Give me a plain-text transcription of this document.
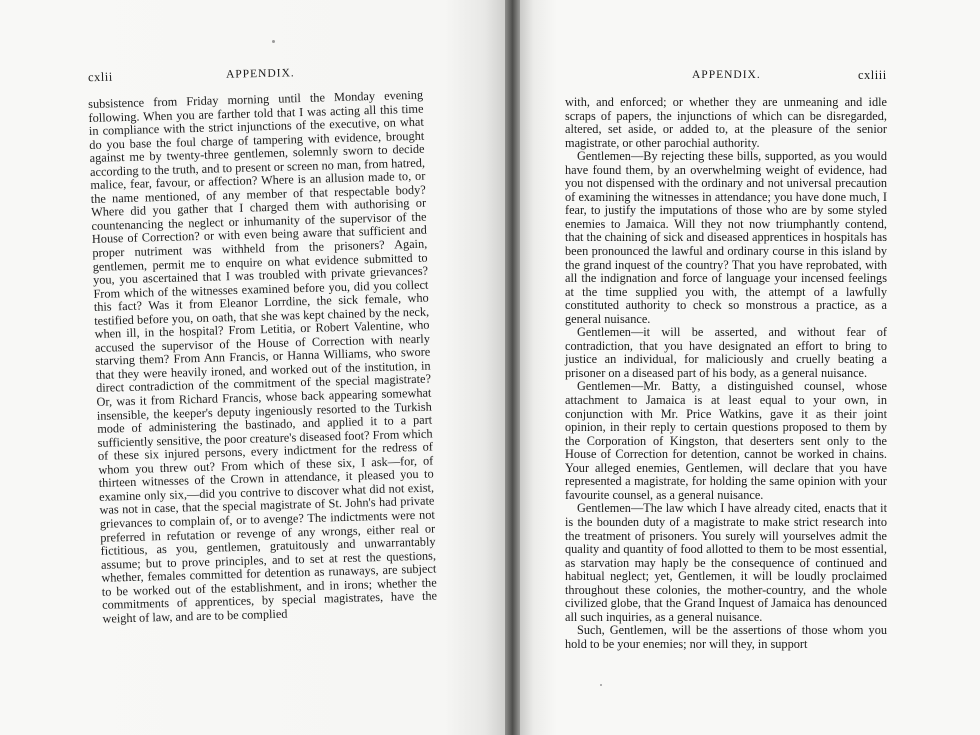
cxlii	APPENDIX.	APPENDIX.	cxliii

subsistence from Friday morning until the Monday evening following. When you are farther told that I was acting all this time in compliance with the strict injunctions of the executive, on what do you base the foul charge of tampering with evidence, brought against me by twenty-three gentlemen, solemnly sworn to decide according to the truth, and to present or screen no man, from hatred, malice, fear, favour, or affection? Where is an allusion made to, or the name mentioned, of any member of that respectable body? Where did you gather that I charged them with authorising or countenancing the neglect or inhumanity of the supervisor of the House of Correction? or with even being aware that sufficient and proper nutriment was withheld from the prisoners? Again, gentlemen, permit me to enquire on what evidence submitted to you, you ascertained that I was troubled with private grievances? From which of the witnesses examined before you, did you collect this fact? Was it from Eleanor Lorrdine, the sick female, who testified before you, on oath, that she was kept chained by the neck, when ill, in the hospital? From Letitia, or Robert Valentine, who accused the supervisor of the House of Correction with nearly starving them? From Ann Francis, or Hanna Williams, who swore that they were heavily ironed, and worked out of the institution, in direct contradiction of the commitment of the special magistrate? Or, was it from Richard Francis, whose back appearing somewhat insensible, the keeper's deputy ingeniously resorted to the Turkish mode of administering the bastinado, and applied it to a part sufficiently sensitive, the poor creature's diseased foot? From which of these six injured persons, every indictment for the redress of whom you threw out? From which of these six, I ask—for, of thirteen witnesses of the Crown in attendance, it pleased you to examine only six,—did you contrive to discover what did not exist, was not in case, that the special magistrate of St. John's had private grievances to complain of, or to avenge? The indictments were not preferred in refutation or revenge of any wrongs, either real or fictitious, as you, gentlemen, gratuitously and unwarrantably assume; but to prove principles, and to set at rest the questions, whether, females committed for detention as runaways, are subject to be worked out of the establishment, and in irons; whether the commitments of apprentices, by special magistrates, have the weight of law, and are to be complied

with, and enforced; or whether they are unmeaning and idle scraps of papers, the injunctions of which can be disregarded, altered, set aside, or added to, at the pleasure of the senior magistrate, or other parochial authority.

Gentlemen—By rejecting these bills, supported, as you would have found them, by an overwhelming weight of evidence, had you not dispensed with the ordinary and not universal precaution of examining the witnesses in attendance; you have done much, I fear, to justify the imputations of those who are by some styled enemies to Jamaica. Will they not now triumphantly contend, that the chaining of sick and diseased apprentices in hospitals has been pronounced the lawful and ordinary course in this island by the grand inquest of the country? That you have reprobated, with all the indignation and force of language your incensed feelings at the time supplied you with, the attempt of a lawfully constituted authority to check so monstrous a practice, as a general nuisance.

Gentlemen—it will be asserted, and without fear of contradiction, that you have designated an effort to bring to justice an individual, for maliciously and cruelly beating a prisoner on a diseased part of his body, as a general nuisance.

Gentlemen—Mr. Batty, a distinguished counsel, whose attachment to Jamaica is at least equal to your own, in conjunction with Mr. Price Watkins, gave it as their joint opinion, in their reply to certain questions proposed to them by the Corporation of Kingston, that deserters sent only to the House of Correction for detention, cannot be worked in chains. Your alleged enemies, Gentlemen, will declare that you have represented a magistrate, for holding the same opinion with your favourite counsel, as a general nuisance.

Gentlemen—The law which I have already cited, enacts that it is the bounden duty of a magistrate to make strict research into the treatment of prisoners. You surely will yourselves admit the quality and quantity of food allotted to them to be most essential, as starvation may haply be the consequence of continued and habitual neglect; yet, Gentlemen, it will be loudly proclaimed throughout these colonies, the mother-country, and the whole civilized globe, that the Grand Inquest of Jamaica has denounced all such inquiries, as a general nuisance.

Such, Gentlemen, will be the assertions of those whom you hold to be your enemies; nor will they, in support
